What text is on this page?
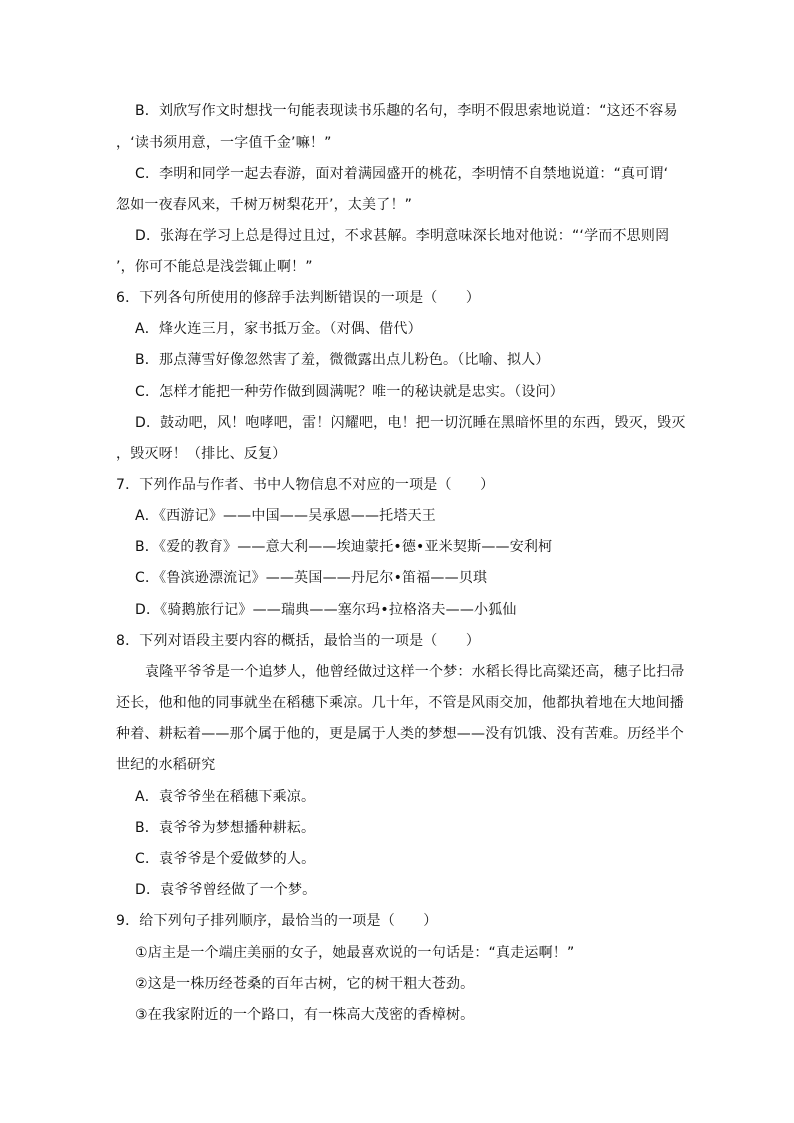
B．刘欣写作文时想找一句能表现读书乐趣的名句，李明不假思索地说道：“这还不容易
，‘读书须用意，一字值千金’嘛！”
C．李明和同学一起去春游，面对着满园盛开的桃花，李明情不自禁地说道：“真可谓‘
忽如一夜春风来，千树万树梨花开’，太美了！”
D．张海在学习上总是得过且过，不求甚解。李明意味深长地对他说：“‘学而不思则罔
’，你可不能总是浅尝辄止啊！”
6．下列各句所使用的修辞手法判断错误的一项是（　　）
A．烽火连三月，家书抵万金。（对偶、借代）
B．那点薄雪好像忽然害了羞，微微露出点儿粉色。（比喻、拟人）
C．怎样才能把一种劳作做到圆满呢？唯一的秘诀就是忠实。（设问）
D．鼓动吧，风！咆哮吧，雷！闪耀吧，电！把一切沉睡在黑暗怀里的东西，毁灭，毁灭
，毁灭呀！（排比、反复）
7．下列作品与作者、书中人物信息不对应的一项是（　　）
A．《西游记》——中国——吴承恩——托塔天王
B．《爱的教育》——意大利——埃迪蒙托•德•亚米契斯——安利柯
C．《鲁滨逊漂流记》——英国——丹尼尔•笛福——贝琪
D．《骑鹅旅行记》——瑞典——塞尔玛•拉格洛夫——小狐仙
8．下列对语段主要内容的概括，最恰当的一项是（　　）
袁隆平爷爷是一个追梦人，他曾经做过这样一个梦：水稻长得比高粱还高，穗子比扫帚
还长，他和他的同事就坐在稻穗下乘凉。几十年，不管是风雨交加，他都执着地在大地间播
种着、耕耘着——那个属于他的，更是属于人类的梦想——没有饥饿、没有苦难。历经半个
世纪的水稻研究
A．袁爷爷坐在稻穗下乘凉。
B．袁爷爷为梦想播种耕耘。
C．袁爷爷是个爱做梦的人。
D．袁爷爷曾经做了一个梦。
9．给下列句子排列顺序，最恰当的一项是（　　）
①店主是一个端庄美丽的女子，她最喜欢说的一句话是：“真走运啊！”
②这是一株历经苍桑的百年古树，它的树干粗大苍劲。
③在我家附近的一个路口，有一株高大茂密的香樟树。
